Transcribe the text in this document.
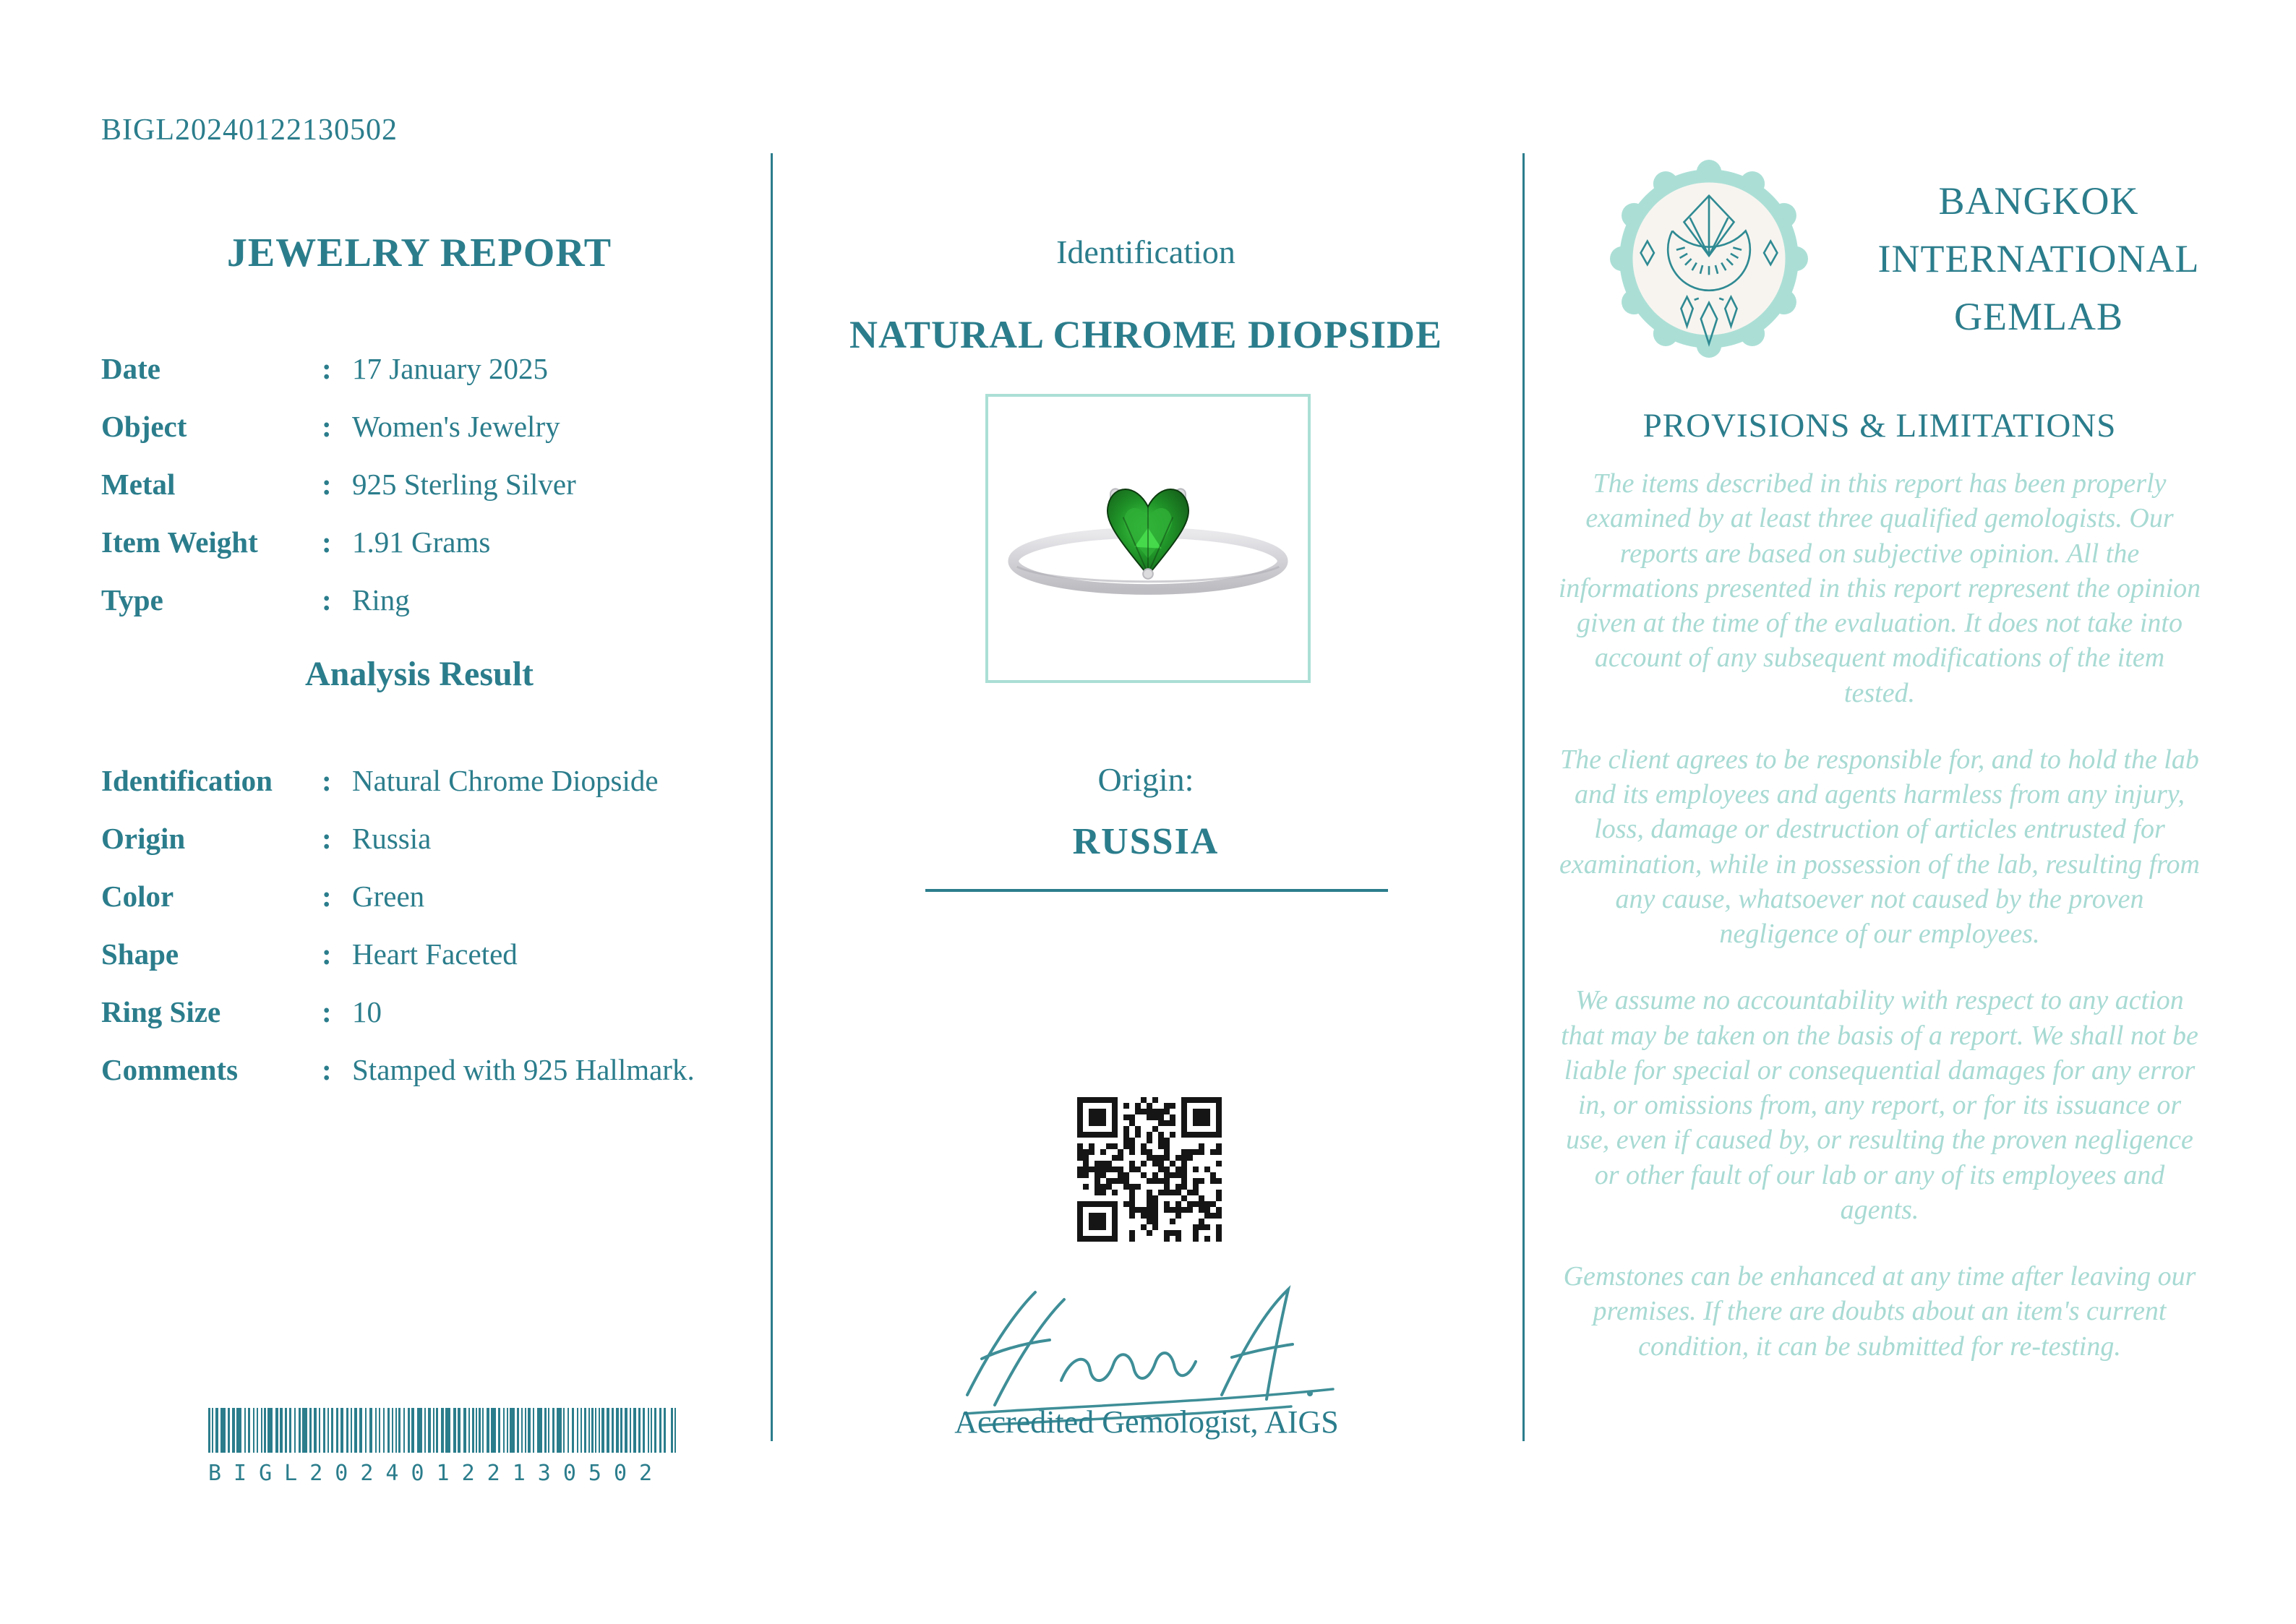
BIGL20240122130502
JEWELRY REPORT
Date	: 17 January 2025
Object	: Women's Jewelry
Metal	: 925 Sterling Silver
Item Weight	: 1.91 Grams
Type	: Ring
Analysis Result
Identification	: Natural Chrome Diopside
Origin	: Russia
Color	: Green
Shape	: Heart Faceted
Ring Size	: 10
Comments	: Stamped with 925 Hallmark.
BIGL20240122130502
Identification
NATURAL CHROME DIOPSIDE
Origin:
RUSSIA
Accredited Gemologist, AIGS
BANGKOK
INTERNATIONAL
GEMLAB
PROVISIONS & LIMITATIONS

The items described in this report has been properly examined by at least three qualified gemologists. Our reports are based on subjective opinion. All the informations presented in this report represent the opinion given at the time of the evaluation. It does not take into account of any subsequent modifications of the item tested.

The client agrees to be responsible for, and to hold the lab and its employees and agents harmless from any injury, loss, damage or destruction of articles entrusted for examination, while in possession of the lab, resulting from any cause, whatsoever not caused by the proven negligence of our employees.

We assume no accountability with respect to any action that may be taken on the basis of a report. We shall not be liable for special or consequential damages for any error in, or omissions from, any report, or for its issuance or use, even if caused by, or resulting the proven negligence or other fault of our lab or any of its employees and agents.

Gemstones can be enhanced at any time after leaving our premises. If there are doubts about an item's current condition, it can be submitted for re-testing.
